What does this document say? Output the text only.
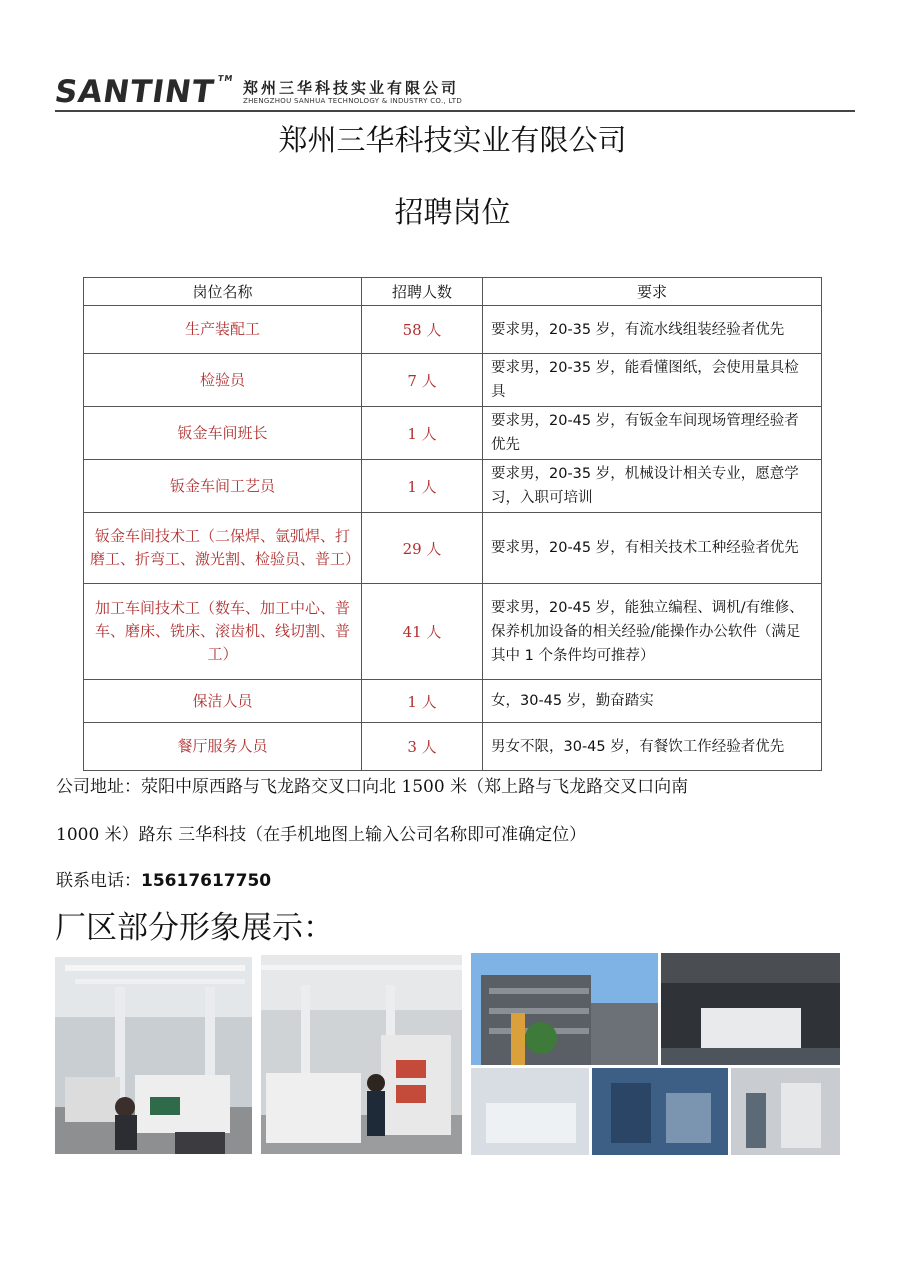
SANTINT™
郑州三华科技实业有限公司
ZHENGZHOU SANHUA TECHNOLOGY & INDUSTRY CO., LTD
郑州三华科技实业有限公司
招聘岗位
岗位名称	招聘人数	要求
生产装配工	58 人	要求男，20-35 岁，有流水线组装经验者优先
检验员	7 人	要求男，20-35 岁，能看懂图纸，会使用量具检具
钣金车间班长	1 人	要求男，20-45 岁，有钣金车间现场管理经验者优先
钣金车间工艺员	1 人	要求男，20-35 岁，机械设计相关专业，愿意学习，入职可培训
钣金车间技术工（二保焊、氩弧焊、打磨工、折弯工、激光割、检验员、普工）	29 人	要求男，20-45 岁，有相关技术工种经验者优先
加工车间技术工（数车、加工中心、普车、磨床、铣床、滚齿机、线切割、普工）	41 人	要求男，20-45 岁，能独立编程、调机/有维修、保养机加设备的相关经验/能操作办公软件（满足其中 1 个条件均可推荐）
保洁人员	1 人	女，30-45 岁，勤奋踏实
餐厅服务人员	3 人	男女不限，30-45 岁，有餐饮工作经验者优先
公司地址：荥阳中原西路与飞龙路交叉口向北 1500 米（郑上路与飞龙路交叉口向南
1000 米）路东 三华科技（在手机地图上输入公司名称即可准确定位）
联系电话：15617617750
厂区部分形象展示：
